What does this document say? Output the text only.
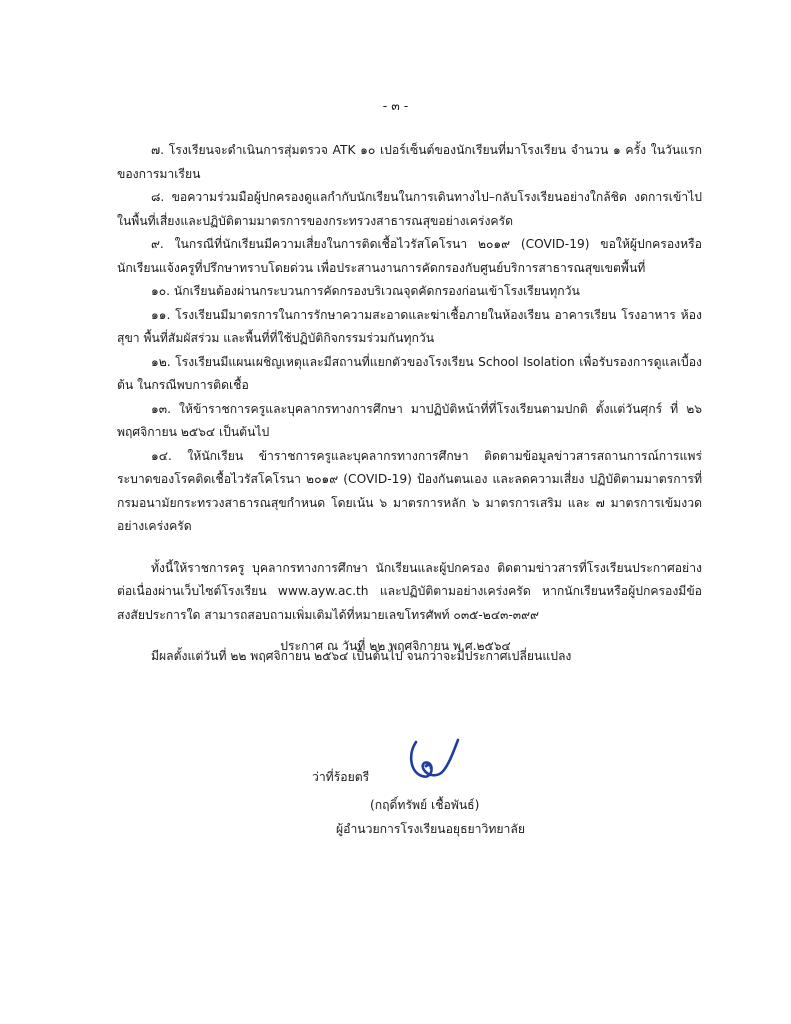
- ๓ -

๗. โรงเรียนจะดำเนินการสุ่มตรวจ ATK ๑๐ เปอร์เซ็นต์ของนักเรียนที่มาโรงเรียน จำนวน ๑ ครั้ง ในวันแรกของการมาเรียน

๘. ขอความร่วมมือผู้ปกครองดูแลกำกับนักเรียนในการเดินทางไป–กลับโรงเรียนอย่างใกล้ชิด งดการเข้าไปในพื้นที่เสี่ยงและปฏิบัติตามมาตรการของกระทรวงสาธารณสุขอย่างเคร่งครัด

๙. ในกรณีที่นักเรียนมีความเสี่ยงในการติดเชื้อไวรัสโคโรนา ๒๐๑๙ (COVID-19) ขอให้ผู้ปกครองหรือนักเรียนแจ้งครูที่ปรึกษาทราบโดยด่วน เพื่อประสานงานการคัดกรองกับศูนย์บริการสาธารณสุขเขตพื้นที่

๑๐. นักเรียนต้องผ่านกระบวนการคัดกรองบริเวณจุดคัดกรองก่อนเข้าโรงเรียนทุกวัน

๑๑. โรงเรียนมีมาตรการในการรักษาความสะอาดและฆ่าเชื้อภายในห้องเรียน อาคารเรียน โรงอาหาร ห้องสุขา พื้นที่สัมผัสร่วม และพื้นที่ที่ใช้ปฏิบัติกิจกรรมร่วมกันทุกวัน

๑๒. โรงเรียนมีแผนเผชิญเหตุและมีสถานที่แยกตัวของโรงเรียน School Isolation เพื่อรับรองการดูแลเบื้องต้น ในกรณีพบการติดเชื้อ

๑๓. ให้ข้าราชการครูและบุคลากรทางการศึกษา มาปฏิบัติหน้าที่ที่โรงเรียนตามปกติ ตั้งแต่วันศุกร์ ที่ ๒๖ พฤศจิกายน ๒๕๖๔ เป็นต้นไป

๑๔. ให้นักเรียน ข้าราชการครูและบุคลากรทางการศึกษา ติดตามข้อมูลข่าวสารสถานการณ์การแพร่ระบาดของโรคติดเชื้อไวรัสโคโรนา ๒๐๑๙ (COVID-19) ป้องกันตนเอง และลดความเสี่ยง ปฏิบัติตามมาตรการที่กรมอนามัยกระทรวงสาธารณสุขกำหนด โดยเน้น ๖ มาตรการหลัก ๖ มาตรการเสริม และ ๗ มาตรการเข้มงวดอย่างเคร่งครัด

ทั้งนี้ให้ราชการครู บุคลากรทางการศึกษา นักเรียนและผู้ปกครอง ติดตามข่าวสารที่โรงเรียนประกาศอย่างต่อเนื่องผ่านเว็บไซต์โรงเรียน www.ayw.ac.th และปฏิบัติตามอย่างเคร่งครัด หากนักเรียนหรือผู้ปกครองมีข้อสงสัยประการใด สามารถสอบถามเพิ่มเติมได้ที่หมายเลขโทรศัพท์ ๐๓๕-๒๔๓-๓๙๙

มีผลตั้งแต่วันที่ ๒๒ พฤศจิกายน ๒๕๖๔ เป็นต้นไป จนกว่าจะมีประกาศเปลี่ยนแปลง

ประกาศ ณ วันที่ ๒๒ พฤศจิกายน พ.ศ.๒๕๖๔
ว่าที่ร้อยตรี
(กฤดิ์ทรัพย์ เชื้อพันธ์)
ผู้อำนวยการโรงเรียนอยุธยาวิทยาลัย
